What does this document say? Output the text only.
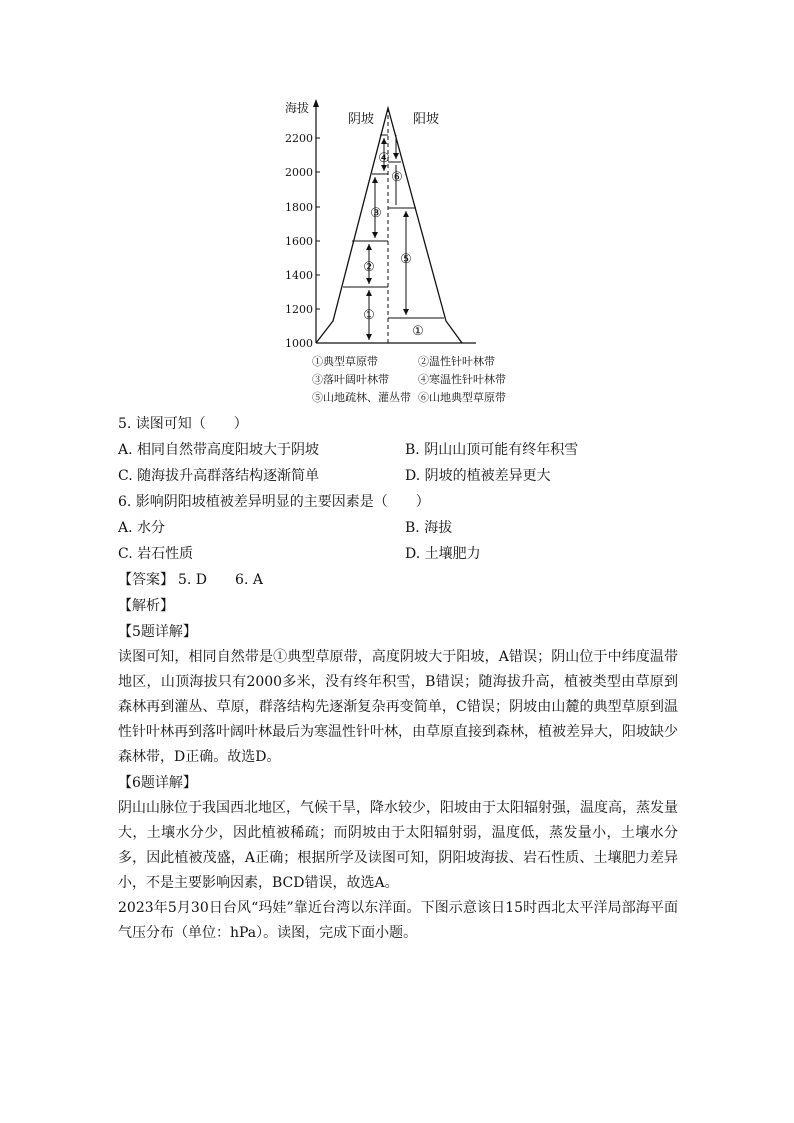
海拔
2200
2000
1800
1600
1400
1200
1000
阴坡	阳坡
①
②
③
④
⑤
⑥
①
①典型草原带	②温性针叶林带
③落叶阔叶林带	④寒温性针叶林带
⑤山地疏林、灌丛带 ⑥山地典型草原带
5. 读图可知（　　）
A. 相同自然带高度阳坡大于阴坡	B. 阴山山顶可能有终年积雪
C. 随海拔升高群落结构逐渐简单	D. 阴坡的植被差异更大
6. 影响阴阳坡植被差异明显的主要因素是（　　）
A. 水分	B. 海拔
C. 岩石性质	D. 土壤肥力
【答案】 5. D 6. A
【解析】
【5题详解】
读图可知，相同自然带是①典型草原带，高度阴坡大于阳坡，A错误；阴山位于中纬度温带地区，山顶海拔只有2000多米，没有终年积雪，B错误；随海拔升高，植被类型由草原到森林再到灌丛、草原，群落结构先逐渐复杂再变简单，C错误；阴坡由山麓的典型草原到温性针叶林再到落叶阔叶林最后为寒温性针叶林，由草原直接到森林，植被差异大，阳坡缺少森林带，D正确。故选D。
【6题详解】
阴山山脉位于我国西北地区，气候干旱，降水较少，阳坡由于太阳辐射强，温度高，蒸发量大，土壤水分少，因此植被稀疏；而阴坡由于太阳辐射弱，温度低，蒸发量小，土壤水分多，因此植被茂盛，A正确；根据所学及读图可知，阴阳坡海拔、岩石性质、土壤肥力差异小，不是主要影响因素，BCD错误，故选A。
2023年5月30日台风“玛娃”靠近台湾以东洋面。下图示意该日15时西北太平洋局部海平面气压分布（单位：hPa）。读图，完成下面小题。
